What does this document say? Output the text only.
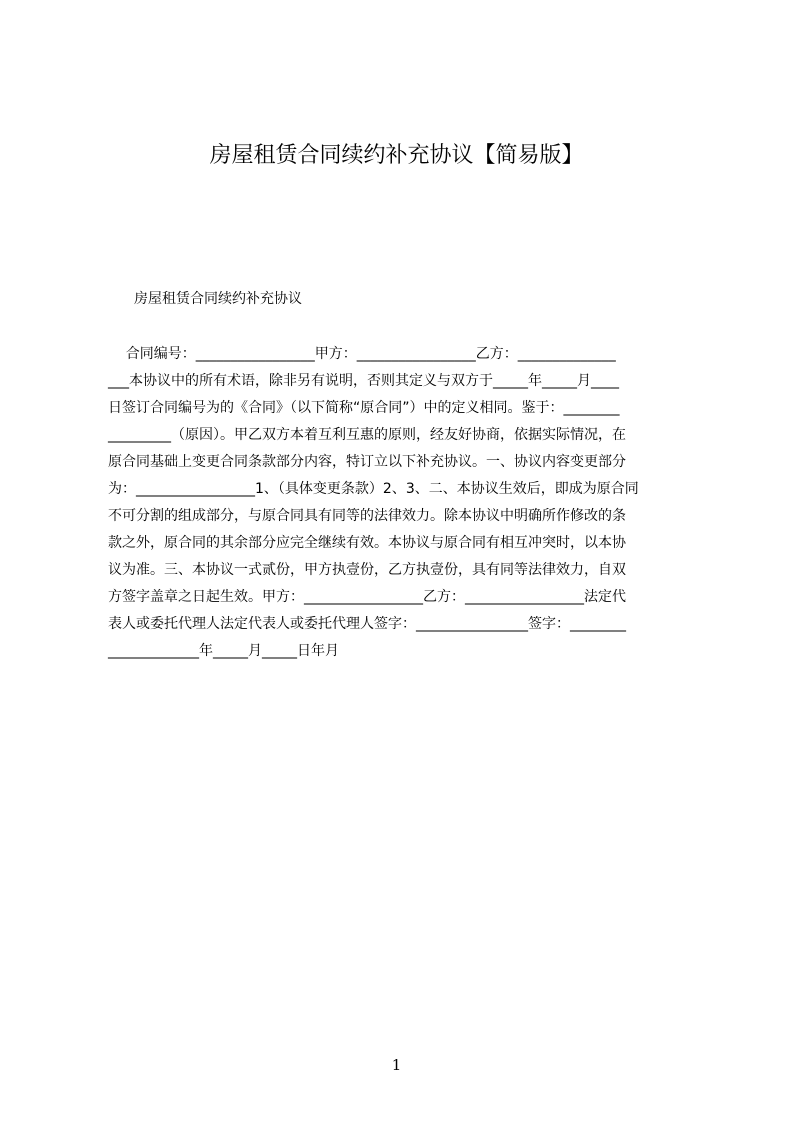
房屋租赁合同续约补充协议【简易版】
房屋租赁合同续约补充协议
合同编号：_________________甲方：_________________乙方：______________
___本协议中的所有术语，除非另有说明，否则其定义与双方于_____年_____月____
日签订合同编号为的《合同》（以下简称“原合同”）中的定义相同。鉴于：________
_________（原因）。甲乙双方本着互利互惠的原则，经友好协商，依据实际情况，在
原合同基础上变更合同条款部分内容，特订立以下补充协议。一、协议内容变更部分
为：_________________1、（具体变更条款）2、3、二、本协议生效后，即成为原合同
不可分割的组成部分，与原合同具有同等的法律效力。除本协议中明确所作修改的条
款之外，原合同的其余部分应完全继续有效。本协议与原合同有相互冲突时，以本协
议为准。三、本协议一式贰份，甲方执壹份，乙方执壹份，具有同等法律效力，自双
方签字盖章之日起生效。甲方：_________________乙方：_________________法定代
表人或委托代理人法定代表人或委托代理人签字：________________签字：________
_____________年_____月_____日年月
1
